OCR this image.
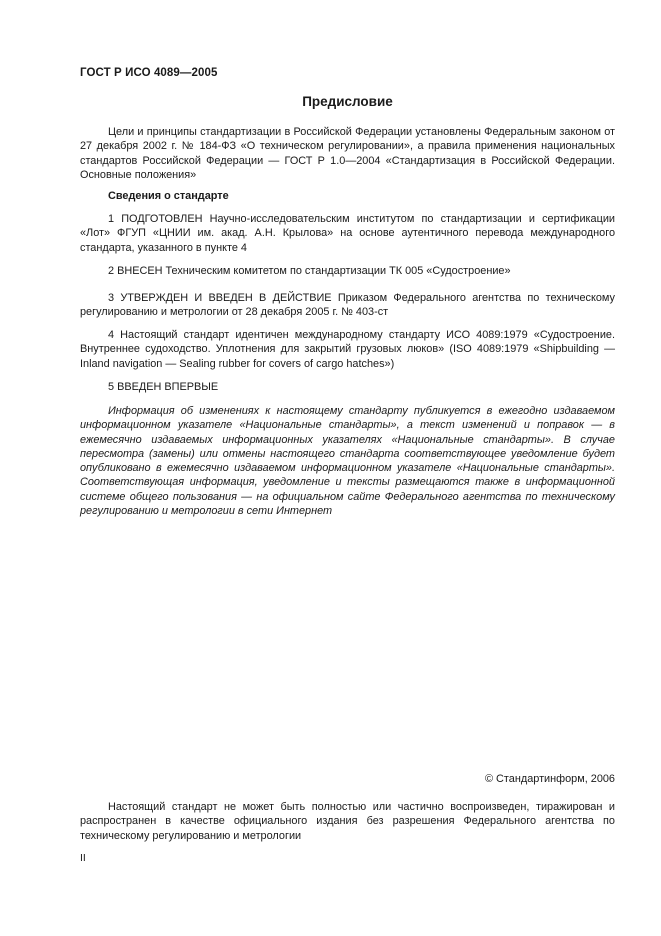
ГОСТ Р ИСО 4089—2005
Предисловие

Цели и принципы стандартизации в Российской Федерации установлены Федеральным законом от 27 декабря 2002 г. № 184-ФЗ «О техническом регулировании», а правила применения национальных стандартов Российской Федерации — ГОСТ Р 1.0—2004 «Стандартизация в Российской Федерации. Основные положения»

Сведения о стандарте

1 ПОДГОТОВЛЕН Научно-исследовательским институтом по стандартизации и сертификации «Лот» ФГУП «ЦНИИ им. акад. А.Н. Крылова» на основе аутентичного перевода международного стандарта, указанного в пункте 4

2 ВНЕСЕН Техническим комитетом по стандартизации ТК 005 «Судостроение»

3 УТВЕРЖДЕН И ВВЕДЕН В ДЕЙСТВИЕ Приказом Федерального агентства по техническому регулированию и метрологии от 28 декабря 2005 г. № 403-ст

4 Настоящий стандарт идентичен международному стандарту ИСО 4089:1979 «Судостроение. Внутреннее судоходство. Уплотнения для закрытий грузовых люков» (ISO 4089:1979 «Shipbuilding — Inland navigation — Sealing rubber for covers of cargo hatches»)

5 ВВЕДЕН ВПЕРВЫЕ

Информация об изменениях к настоящему стандарту публикуется в ежегодно издаваемом информационном указателе «Национальные стандарты», а текст изменений и поправок — в ежемесячно издаваемых информационных указателях «Национальные стандарты». В случае пересмотра (замены) или отмены настоящего стандарта соответствующее уведомление будет опубликовано в ежемесячно издаваемом информационном указателе «Национальные стандарты». Соответствующая информация, уведомление и тексты размещаются также в информационной системе общего пользования — на официальном сайте Федерального агентства по техническому регулированию и метрологии в сети Интернет

© Стандартинформ, 2006

Настоящий стандарт не может быть полностью или частично воспроизведен, тиражирован и распространен в качестве официального издания без разрешения Федерального агентства по техническому регулированию и метрологии

II
